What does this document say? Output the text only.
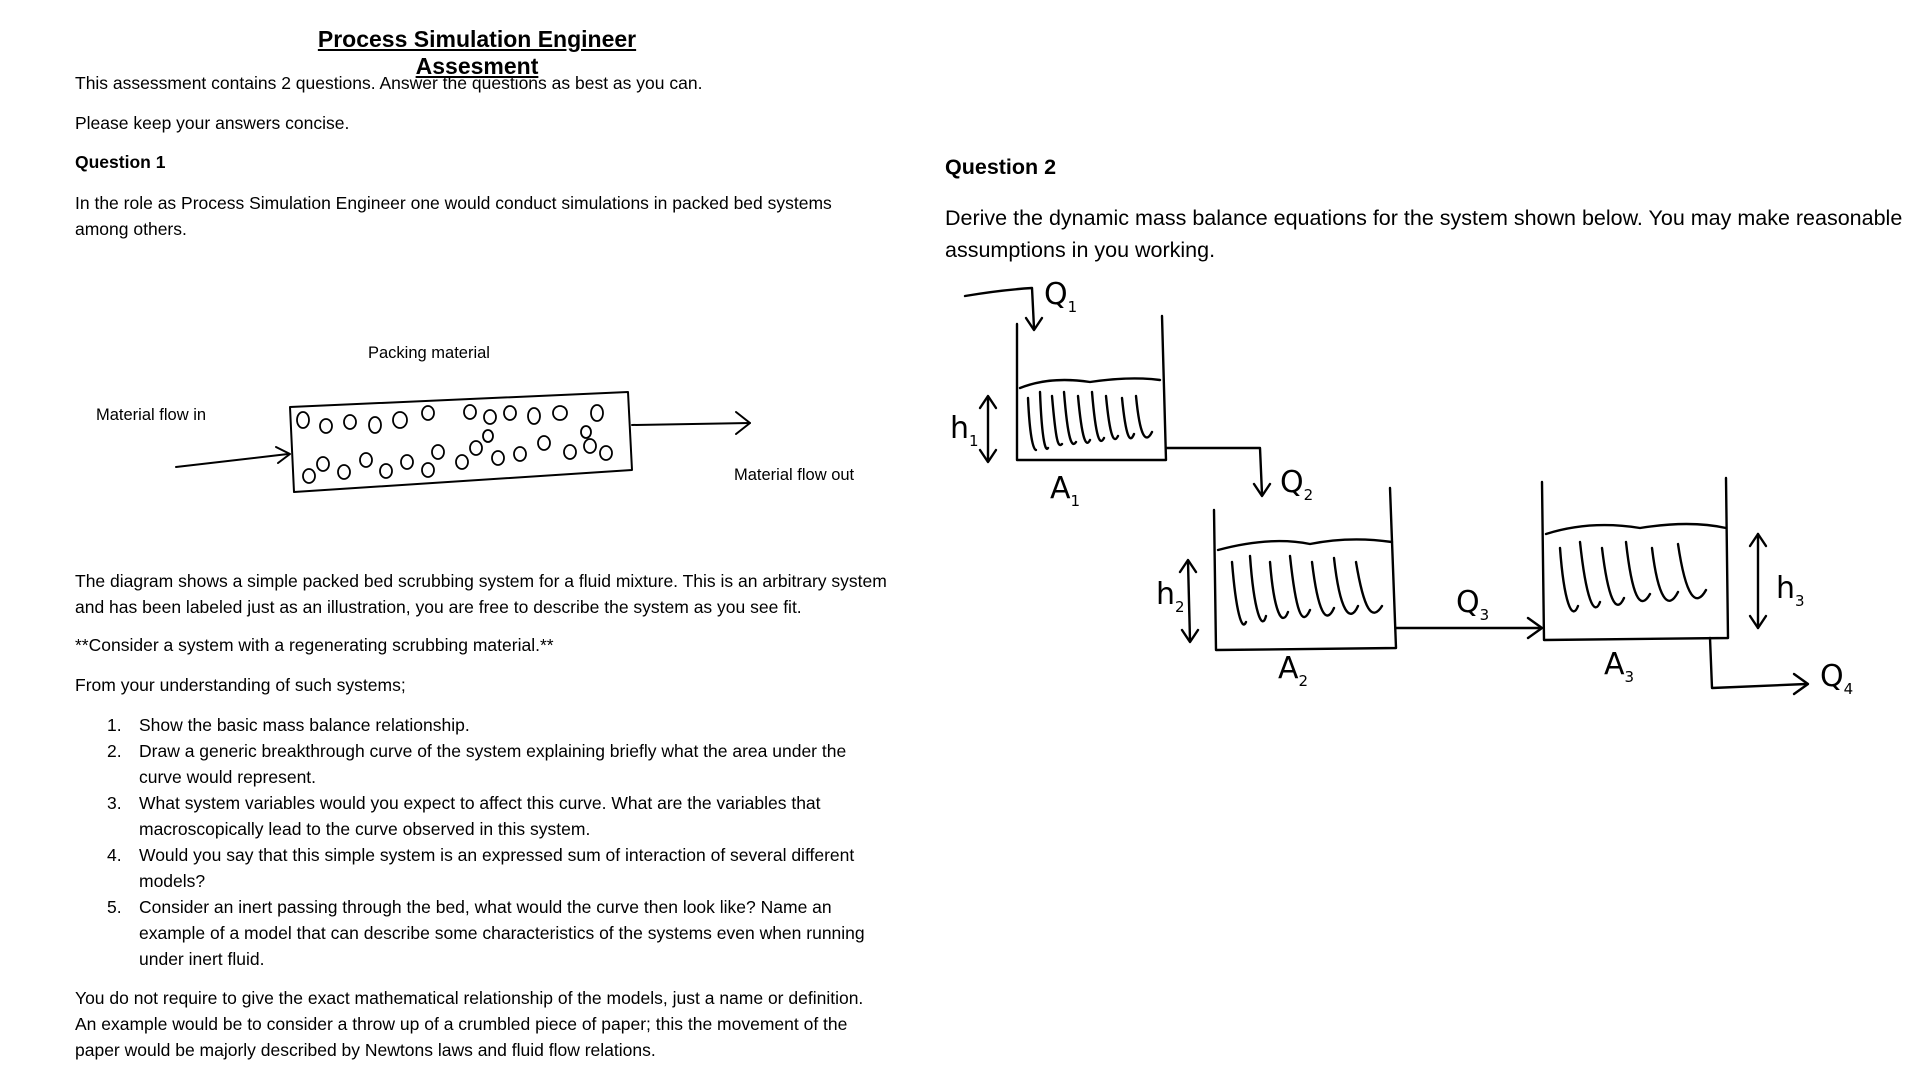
Process Simulation Engineer Assesment
This assessment contains 2 questions. Answer the questions as best as you can.
Please keep your answers concise.
Question 1
In the role as Process Simulation Engineer one would conduct simulations in packed bed systems among others.
Packing material
Material flow in
Material flow out
The diagram shows a simple packed bed scrubbing system for a fluid mixture. This is an arbitrary system and has been labeled just as an illustration, you are free to describe the system as you see fit.
**Consider a system with a regenerating scrubbing material.**
From your understanding of such systems;
1. Show the basic mass balance relationship.
2. Draw a generic breakthrough curve of the system explaining briefly what the area under the curve would represent.
3. What system variables would you expect to affect this curve. What are the variables that macroscopically lead to the curve observed in this system.
4. Would you say that this simple system is an expressed sum of interaction of several different models?
5. Consider an inert passing through the bed, what would the curve then look like? Name an example of a model that can describe some characteristics of the systems even when running under inert fluid.
You do not require to give the exact mathematical relationship of the models, just a name or definition. An example would be to consider a throw up of a crumbled piece of paper; this the movement of the paper would be majorly described by Newtons laws and fluid flow relations.
Question 2
Derive the dynamic mass balance equations for the system shown below. You may make reasonable assumptions in you working.
$Q_1$
$Q_2$
$Q_3$
$Q_4$
$h_1$
$h_2$
$h_3$
$A_1$
$A_2$	$A_3$
